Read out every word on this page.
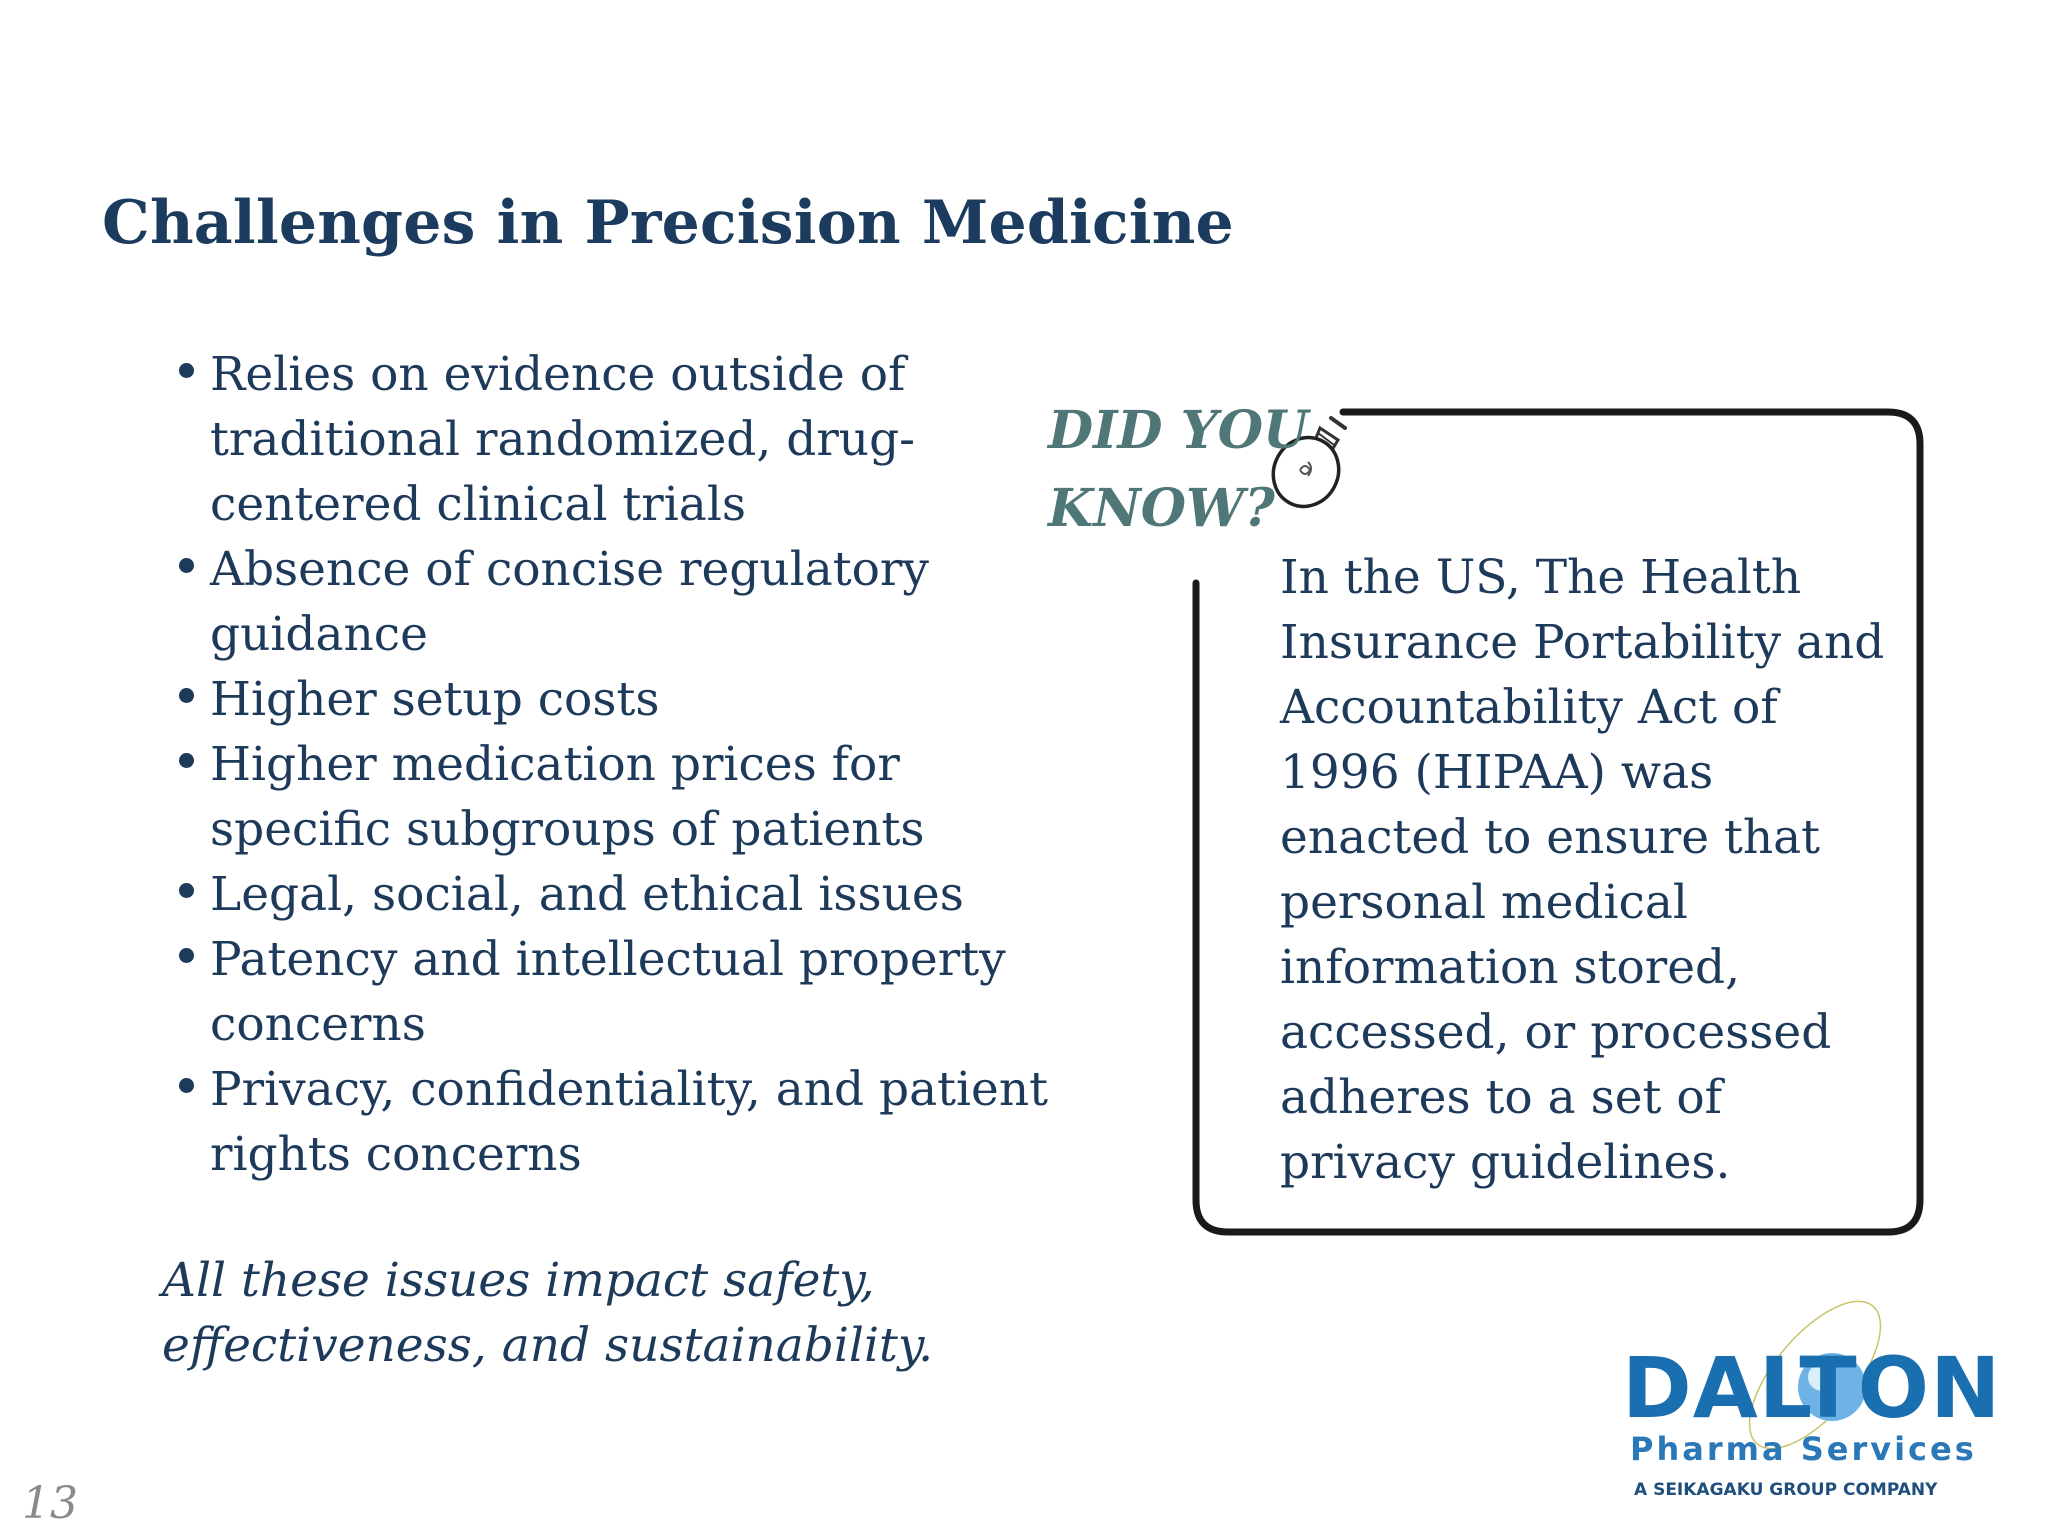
Challenges in Precision Medicine
Relies on evidence outside of traditional randomized, drug-centered clinical trials
Absence of concise regulatory guidance
Higher setup costs
Higher medication prices for specific subgroups of patients
Legal, social, and ethical issues
Patency and intellectual property concerns
Privacy, confidentiality, and patient rights concerns
All these issues impact safety, effectiveness, and sustainability.
DID YOU
KNOW?
In the US, The Health Insurance Portability and Accountability Act of 1996 (HIPAA) was enacted to ensure that personal medical information stored, accessed, or processed adheres to a set of privacy guidelines.
DALTON
Pharma Services
A SEIKAGAKU GROUP COMPANY
13
